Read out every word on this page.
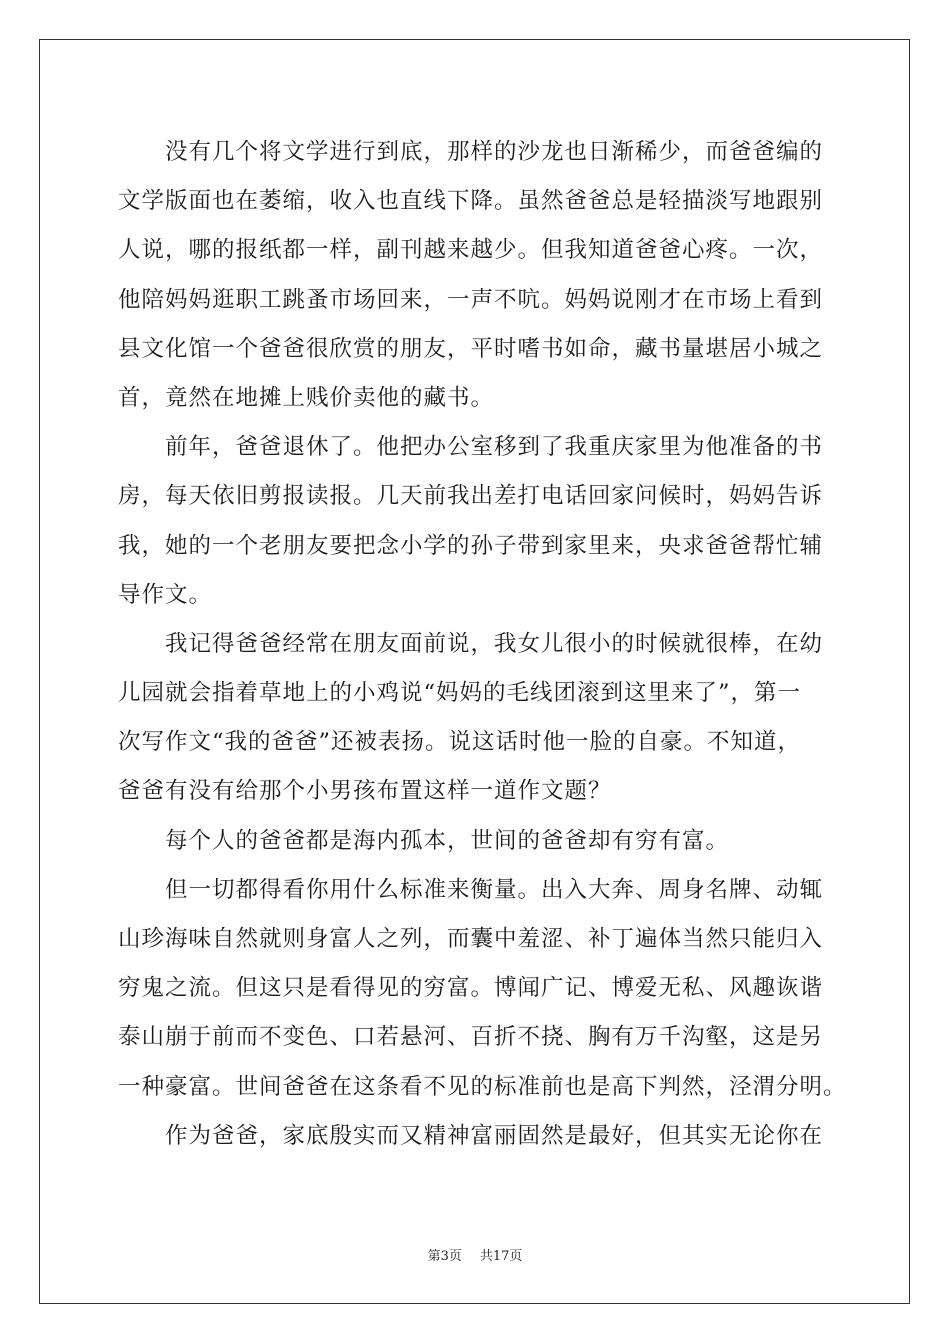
没有几个将文学进行到底，那样的沙龙也日渐稀少，而爸爸编的
文学版面也在萎缩，收入也直线下降。虽然爸爸总是轻描淡写地跟别
人说，哪的报纸都一样，副刊越来越少。但我知道爸爸心疼。一次，
他陪妈妈逛职工跳蚤市场回来，一声不吭。妈妈说刚才在市场上看到
县文化馆一个爸爸很欣赏的朋友，平时嗜书如命，藏书量堪居小城之
首，竟然在地摊上贱价卖他的藏书。
前年，爸爸退休了。他把办公室移到了我重庆家里为他准备的书
房，每天依旧剪报读报。几天前我出差打电话回家问候时，妈妈告诉
我，她的一个老朋友要把念小学的孙子带到家里来，央求爸爸帮忙辅
导作文。
我记得爸爸经常在朋友面前说，我女儿很小的时候就很棒，在幼
儿园就会指着草地上的小鸡说“妈妈的毛线团滚到这里来了”，第一
次写作文“我的爸爸”还被表扬。说这话时他一脸的自豪。不知道，
爸爸有没有给那个小男孩布置这样一道作文题？
每个人的爸爸都是海内孤本，世间的爸爸却有穷有富。
但一切都得看你用什么标准来衡量。出入大奔、周身名牌、动辄
山珍海味自然就则身富人之列，而囊中羞涩、补丁遍体当然只能归入
穷鬼之流。但这只是看得见的穷富。博闻广记、博爱无私、风趣诙谐
泰山崩于前而不变色、口若悬河、百折不挠、胸有万千沟壑，这是另
一种豪富。世间爸爸在这条看不见的标准前也是高下判然，泾渭分明。
作为爸爸，家底殷实而又精神富丽固然是最好，但其实无论你在
第3页 共17页
